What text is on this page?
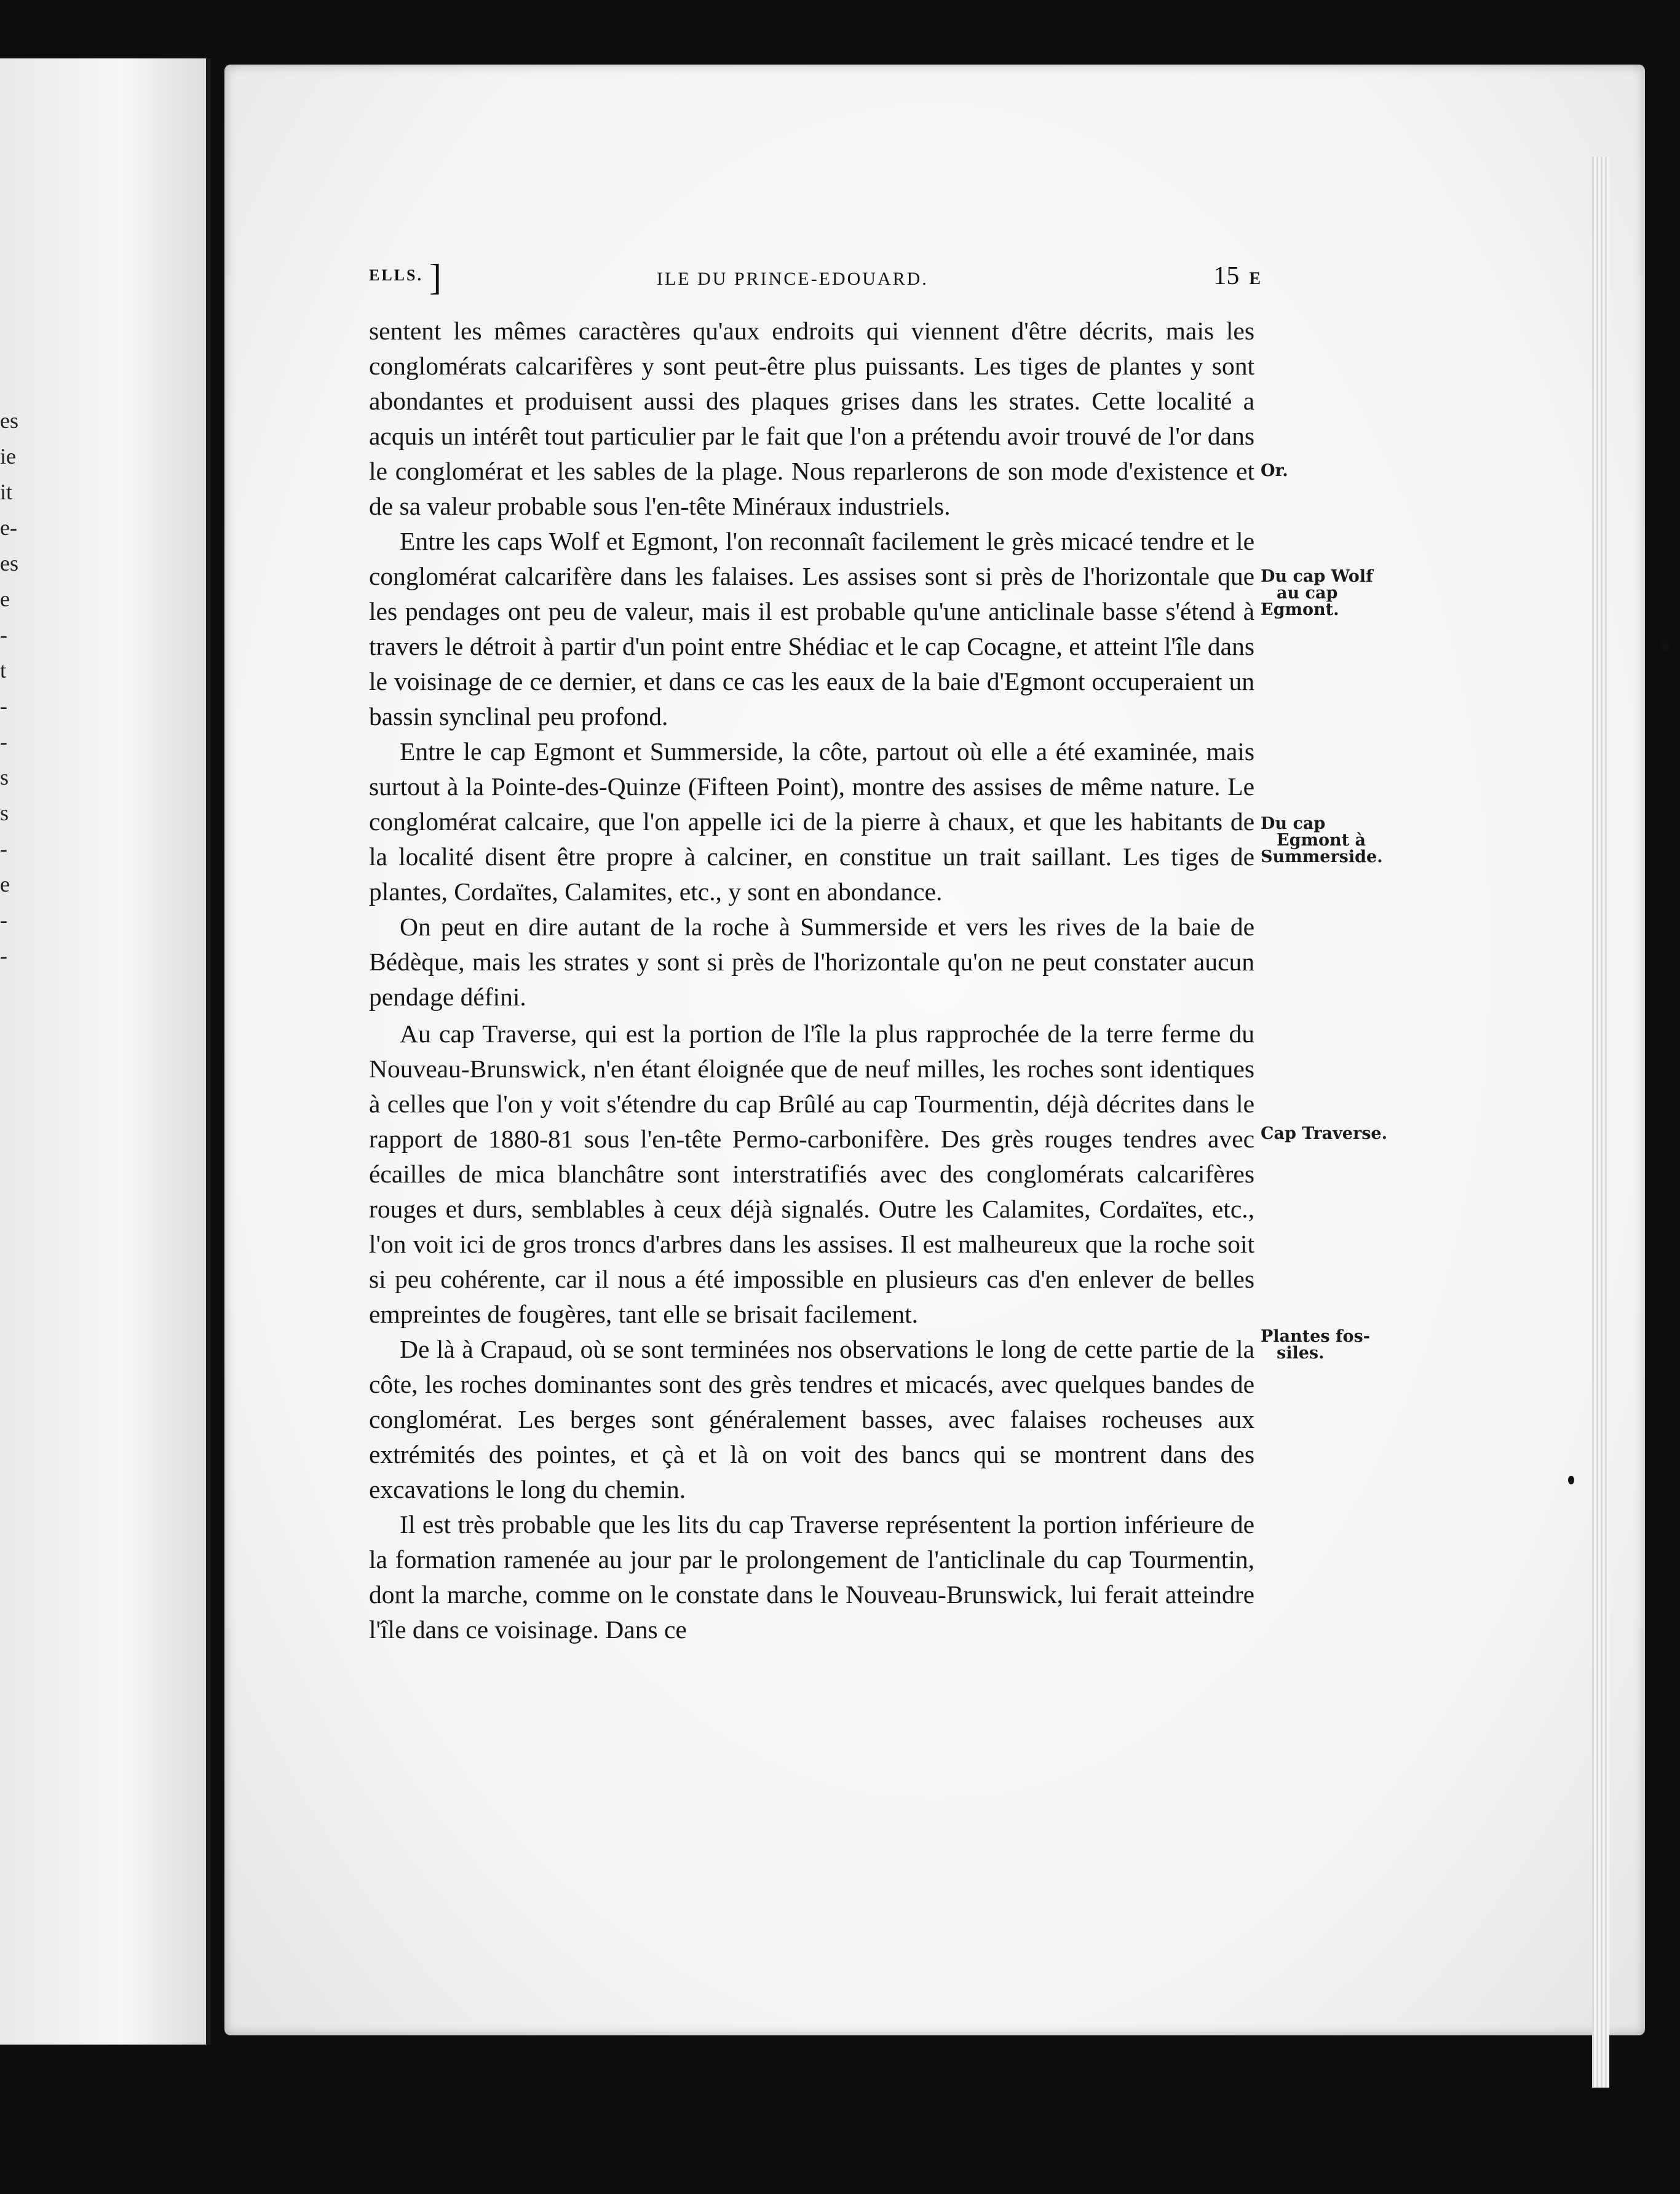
es
ie
it
e-
es
e
-
t
-
-
s
s
-
e
-
-
ELLS. ]	ILE DU PRINCE-EDOUARD.	15 E

sentent les mêmes caractères qu'aux endroits qui viennent d'être décrits, mais les conglomérats calcarifères y sont peut-être plus puissants. Les tiges de plantes y sont abondantes et produisent aussi des plaques grises dans les strates. Cette localité a acquis un intérêt tout particulier par le fait que l'on a prétendu avoir trouvé de l'or dans le conglomérat et les sables de la plage. Nous reparlerons de son mode d'existence et de sa valeur probable sous l'en-tête Minéraux industriels.

Entre les caps Wolf et Egmont, l'on reconnaît facilement le grès micacé tendre et le conglomérat calcarifère dans les falaises. Les assises sont si près de l'horizontale que les pendages ont peu de valeur, mais il est probable qu'une anticlinale basse s'étend à travers le détroit à partir d'un point entre Shédiac et le cap Cocagne, et atteint l'île dans le voisinage de ce dernier, et dans ce cas les eaux de la baie d'Egmont occuperaient un bassin synclinal peu profond.

Entre le cap Egmont et Summerside, la côte, partout où elle a été examinée, mais surtout à la Pointe-des-Quinze (Fifteen Point), montre des assises de même nature. Le conglomérat calcaire, que l'on appelle ici de la pierre à chaux, et que les habitants de la localité disent être propre à calciner, en constitue un trait saillant. Les tiges de plantes, Cordaïtes, Calamites, etc., y sont en abondance.

On peut en dire autant de la roche à Summerside et vers les rives de la baie de Bédèque, mais les strates y sont si près de l'horizontale qu'on ne peut constater aucun pendage défini.

Au cap Traverse, qui est la portion de l'île la plus rapprochée de la terre ferme du Nouveau-Brunswick, n'en étant éloignée que de neuf milles, les roches sont identiques à celles que l'on y voit s'étendre du cap Brûlé au cap Tourmentin, déjà décrites dans le rapport de 1880-81 sous l'en-tête Permo-carbonifère. Des grès rouges tendres avec écailles de mica blanchâtre sont interstratifiés avec des conglomérats calcarifères rouges et durs, semblables à ceux déjà signalés. Outre les Calamites, Cordaïtes, etc., l'on voit ici de gros troncs d'arbres dans les assises. Il est malheureux que la roche soit si peu cohérente, car il nous a été impossible en plusieurs cas d'en enlever de belles empreintes de fougères, tant elle se brisait facilement.

De là à Crapaud, où se sont terminées nos observations le long de cette partie de la côte, les roches dominantes sont des grès tendres et micacés, avec quelques bandes de conglomérat. Les berges sont généralement basses, avec falaises rocheuses aux extrémités des pointes, et çà et là on voit des bancs qui se montrent dans des excavations le long du chemin.

Il est très probable que les lits du cap Traverse représentent la portion inférieure de la formation ramenée au jour par le prolongement de l'anticlinale du cap Tourmentin, dont la marche, comme on le constate dans le Nouveau-Brunswick, lui ferait atteindre l'île dans ce voisinage. Dans ce

Or.
Du cap Wolf
au cap
Egmont.
Du cap
Egmont à
Summerside.
Cap Traverse.
Plantes fos-
siles.
